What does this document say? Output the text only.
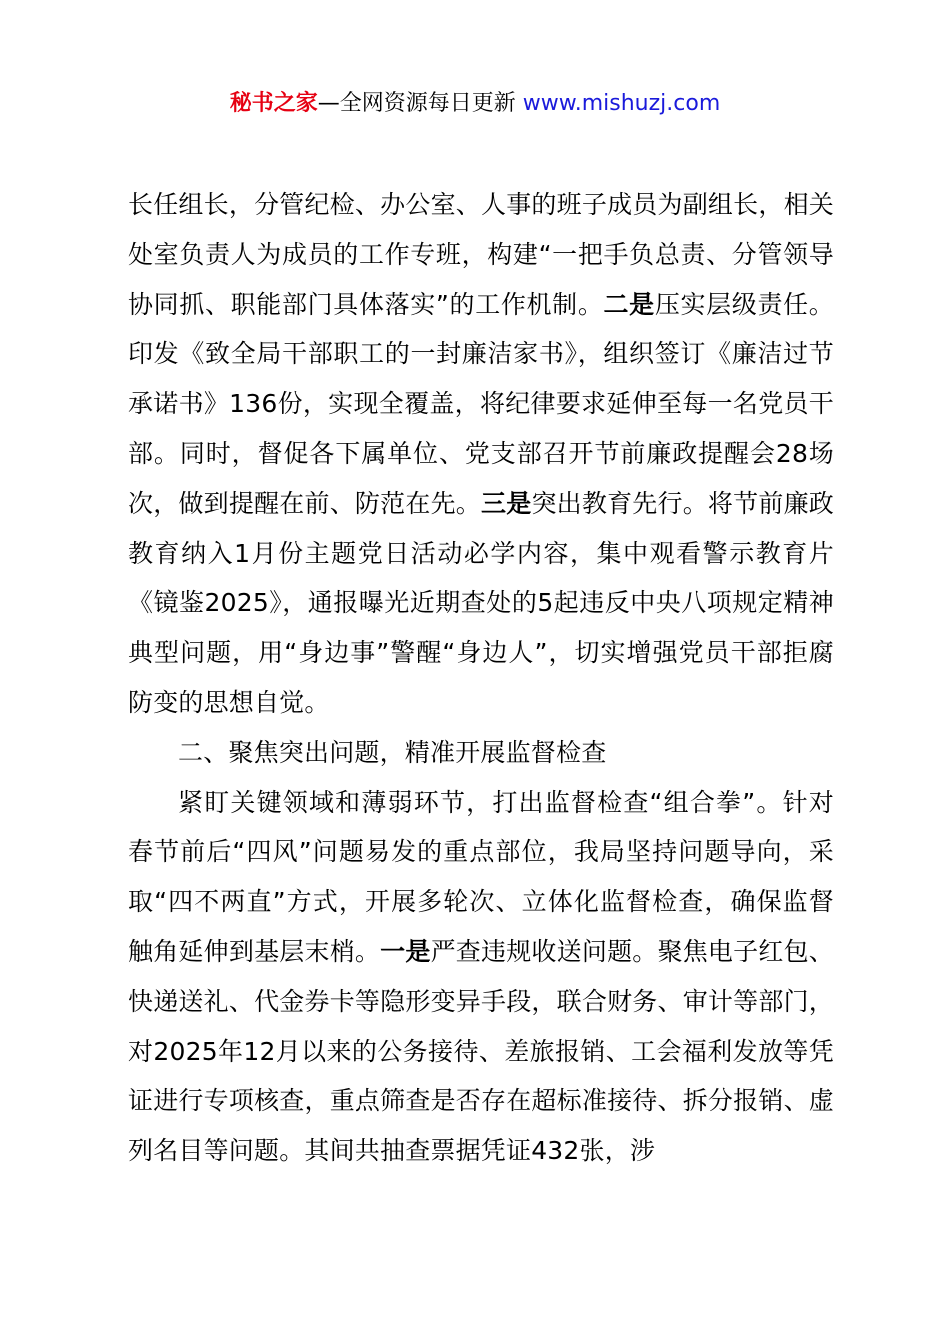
秘书之家—全网资源每日更新 www.mishuzj.com

长任组长，分管纪检、办公室、人事的班子成员为副组长，相关处室负责人为成员的工作专班，构建“一把手负总责、分管领导协同抓、职能部门具体落实”的工作机制。二是压实层级责任。印发《致全局干部职工的一封廉洁家书》，组织签订《廉洁过节承诺书》136份，实现全覆盖，将纪律要求延伸至每一名党员干部。同时，督促各下属单位、党支部召开节前廉政提醒会28场次，做到提醒在前、防范在先。三是突出教育先行。将节前廉政教育纳入1月份主题党日活动必学内容，集中观看警示教育片《镜鉴2025》，通报曝光近期查处的5起违反中央八项规定精神典型问题，用“身边事”警醒“身边人”，切实增强党员干部拒腐防变的思想自觉。

二、聚焦突出问题，精准开展监督检查

紧盯关键领域和薄弱环节，打出监督检查“组合拳”。针对春节前后“四风”问题易发的重点部位，我局坚持问题导向，采取“四不两直”方式，开展多轮次、立体化监督检查，确保监督触角延伸到基层末梢。一是严查违规收送问题。聚焦电子红包、快递送礼、代金券卡等隐形变异手段，联合财务、审计等部门，对2025年12月以来的公务接待、差旅报销、工会福利发放等凭证进行专项核查，重点筛查是否存在超标准接待、拆分报销、虚列名目等问题。其间共抽查票据凭证432张，涉
